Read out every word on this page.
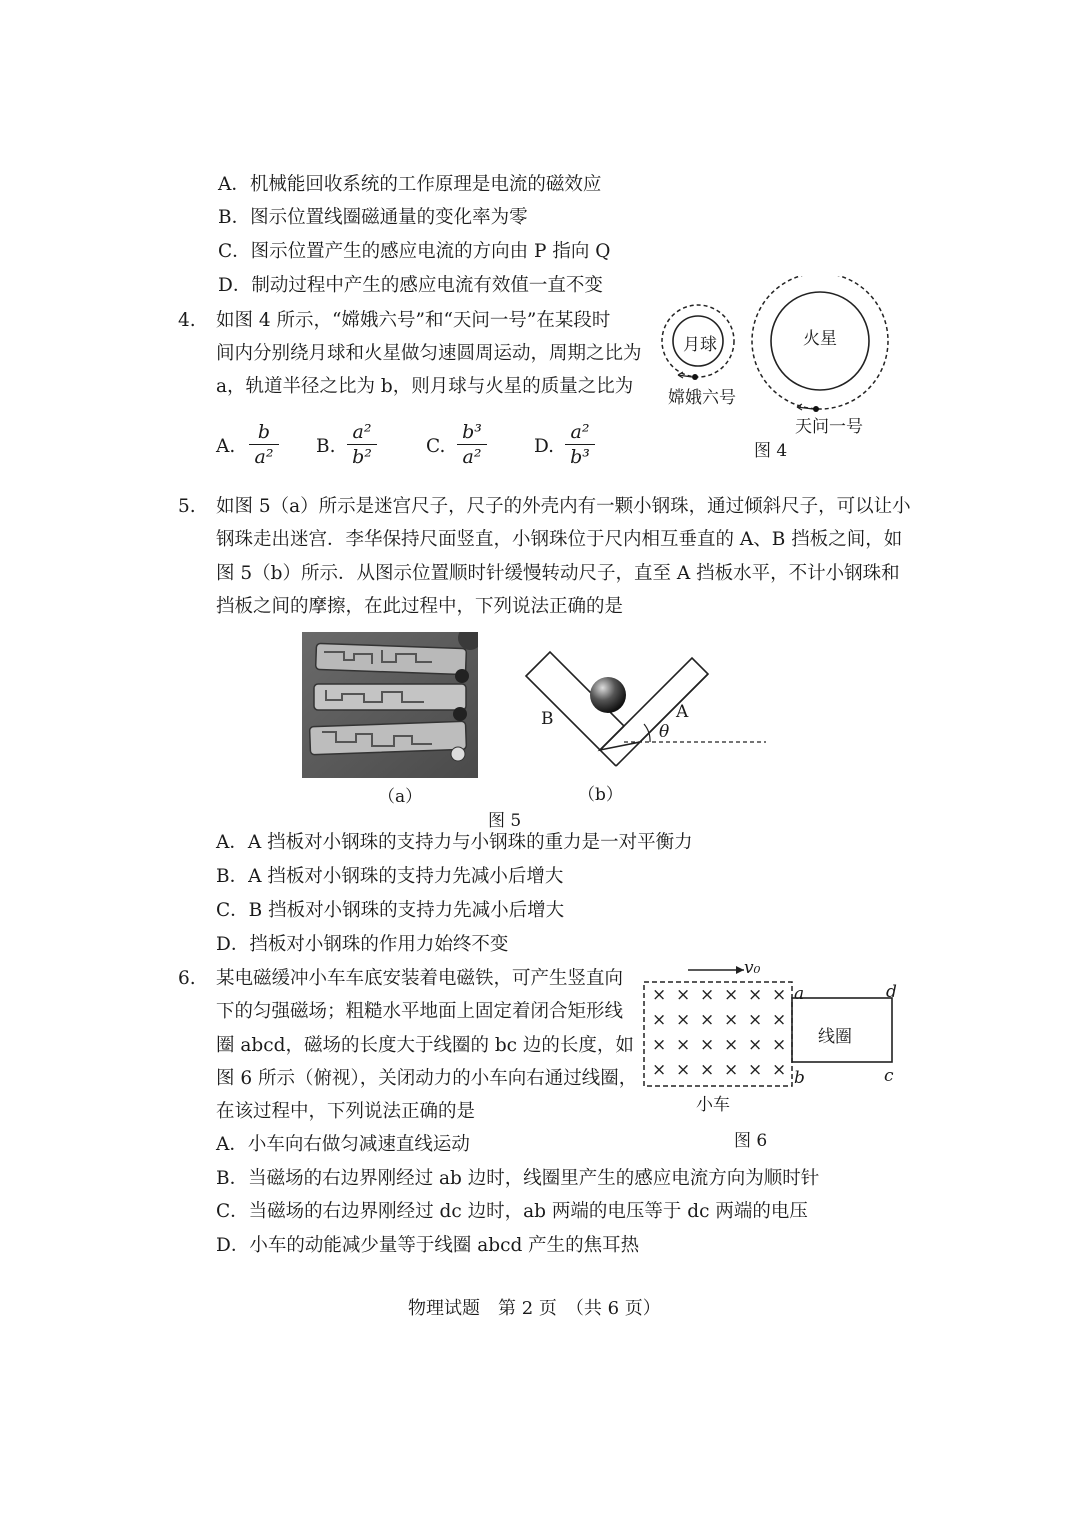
A．机械能回收系统的工作原理是电流的磁效应
B．图示位置线圈磁通量的变化率为零
C．图示位置产生的感应电流的方向由 P 指向 Q
D．制动过程中产生的感应电流有效值一直不变
4. 如图 4 所示，“嫦娥六号”和“天问一号”在某段时
间内分别绕月球和火星做匀速圆周运动，周期之比为
a，轨道半径之比为 b，则月球与火星的质量之比为
A.
b
a²	B.
a²
b²	C.
b³
a²	D.
a²
b³
月球	火星
嫦娥六号
天问一号
图 4
5. 如图 5（a）所示是迷宫尺子，尺子的外壳内有一颗小钢珠，通过倾斜尺子，可以让小
钢珠走出迷宫．李华保持尺面竖直，小钢珠位于尺内相互垂直的 A、B 挡板之间，如
图 5（b）所示．从图示位置顺时针缓慢转动尺子，直至 A 挡板水平，不计小钢珠和
挡板之间的摩擦，在此过程中，下列说法正确的是
（a）
B	A
θ
（b）
图 5
A．A 挡板对小钢珠的支持力与小钢珠的重力是一对平衡力
B．A 挡板对小钢珠的支持力先减小后增大
C．B 挡板对小钢珠的支持力先减小后增大
D．挡板对小钢珠的作用力始终不变
6. 某电磁缓冲小车车底安装着电磁铁，可产生竖直向
下的匀强磁场；粗糙水平地面上固定着闭合矩形线
圈 abcd，磁场的长度大于线圈的 bc 边的长度，如
图 6 所示（俯视），关闭动力的小车向右通过线圈，
在该过程中，下列说法正确的是
× × × × × ×
× × × × × ×
× × × × × ×
× × × × × ×
v₀
a	d
b	c
线圈
小车
图 6
A．小车向右做匀减速直线运动
B．当磁场的右边界刚经过 ab 边时，线圈里产生的感应电流方向为顺时针
C．当磁场的右边界刚经过 dc 边时，ab 两端的电压等于 dc 两端的电压
D．小车的动能减少量等于线圈 abcd 产生的焦耳热
物理试题　第 2 页　（共 6 页）
